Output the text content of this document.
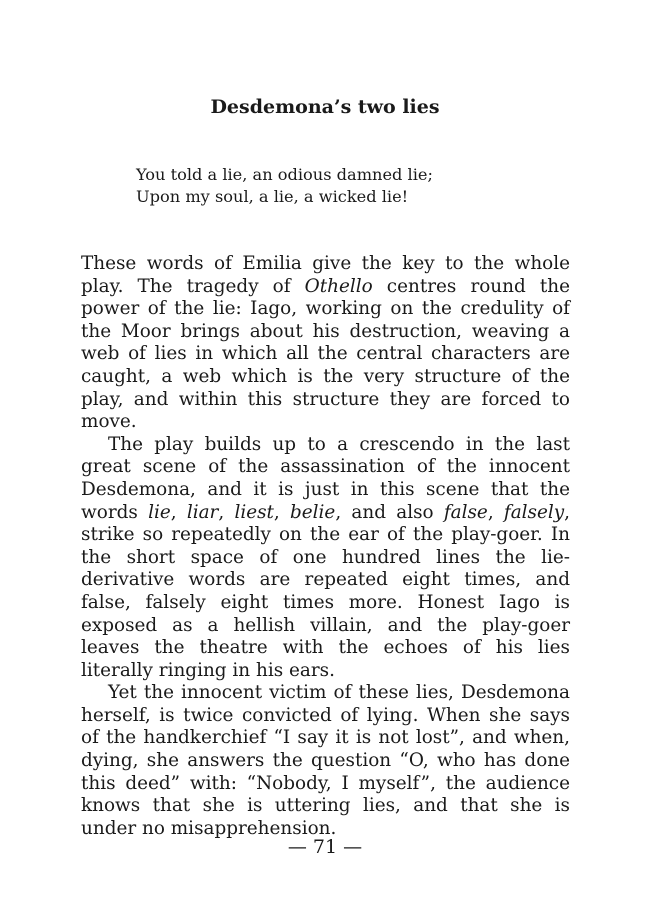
Desdemona’s two lies
You told a lie, an odious damned lie;
Upon my soul, a lie, a wicked lie!

These words of Emilia give the key to the whole play. The tragedy of Othello centres round the power of the lie: Iago, working on the credulity of the Moor brings about his destruction, weaving a web of lies in which all the central characters are caught, a web which is the very structure of the play, and within this structure they are forced to move.

The play builds up to a crescendo in the last great scene of the assassination of the innocent Desdemona, and it is just in this scene that the words lie, liar, liest, belie, and also false, falsely, strike so repeatedly on the ear of the play-goer. In the short space of one hundred lines the lie-derivative words are repeated eight times, and false, falsely eight times more. Honest Iago is exposed as a hellish villain, and the play-goer leaves the theatre with the echoes of his lies literally ringing in his ears.

Yet the innocent victim of these lies, Desdemona herself, is twice convicted of lying. When she says of the handkerchief “I say it is not lost”, and when, dying, she answers the question “O, who has done this deed” with: “Nobody, I myself”, the audience knows that she is uttering lies, and that she is under no misapprehension.

— 71 —
